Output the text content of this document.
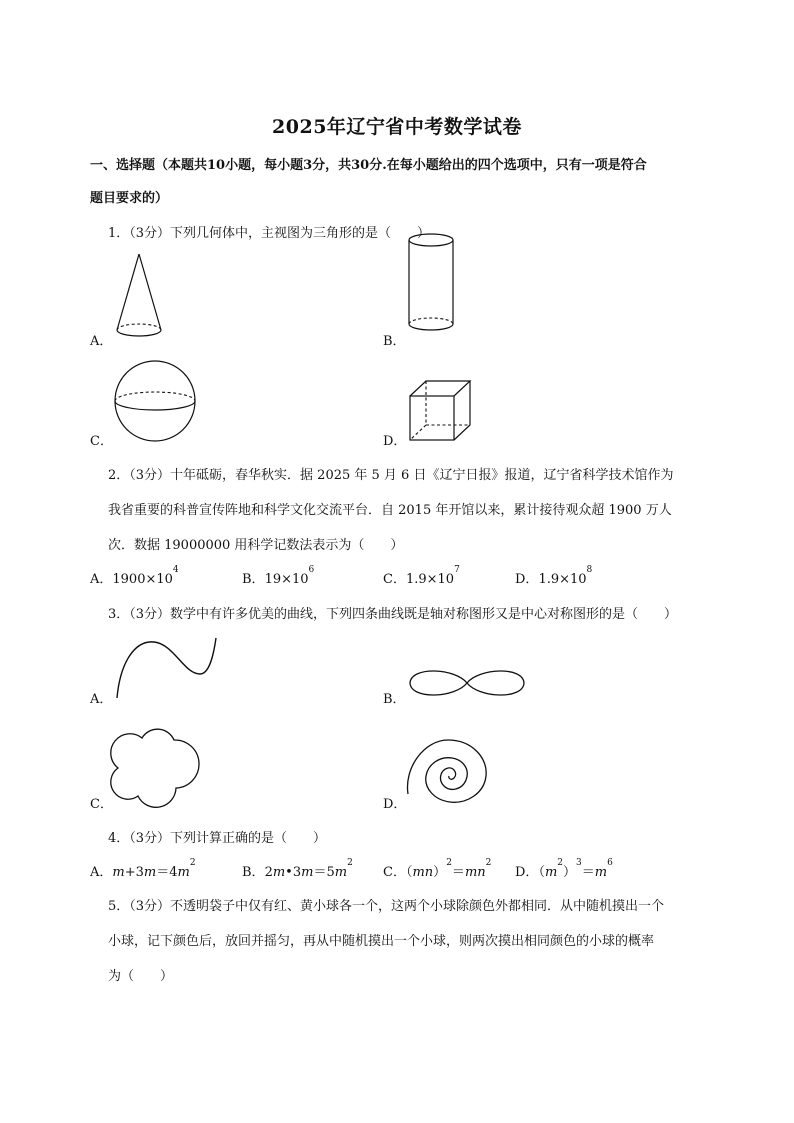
2025年辽宁省中考数学试卷
一、选择题（本题共10小题，每小题3分，共30分.在每小题给出的四个选项中，只有一项是符合
题目要求的）
1．（3分）下列几何体中，主视图为三角形的是（　　）
A．	B．
C．	D．
2．（3分）十年砥砺，春华秋实．据 2025 年 5 月 6 日《辽宁日报》报道，辽宁省科学技术馆作为
我省重要的科普宣传阵地和科学文化交流平台．自 2015 年开馆以来，累计接待观众超 1900 万人
次．数据 19000000 用科学记数法表示为（　　）
A．$1900\times 10^4$
B．$19\times 10^6$
C．$1.9\times 10^7$
D．$1.9\times 10^8$
3．（3分）数学中有许多优美的曲线，下列四条曲线既是轴对称图形又是中心对称图形的是（　　）
A．	B．
C．	D．
4．（3分）下列计算正确的是（　　）
A．$m+3m=4m^2$
B．$2m•3m=5m^2$
C．$(mn)^2=mn^2$
D．$(m^2)^3=m^6$
5．（3分）不透明袋子中仅有红、黄小球各一个，这两个小球除颜色外都相同．从中随机摸出一个
小球，记下颜色后，放回并摇匀，再从中随机摸出一个小球，则两次摸出相同颜色的小球的概率
为（　　）
